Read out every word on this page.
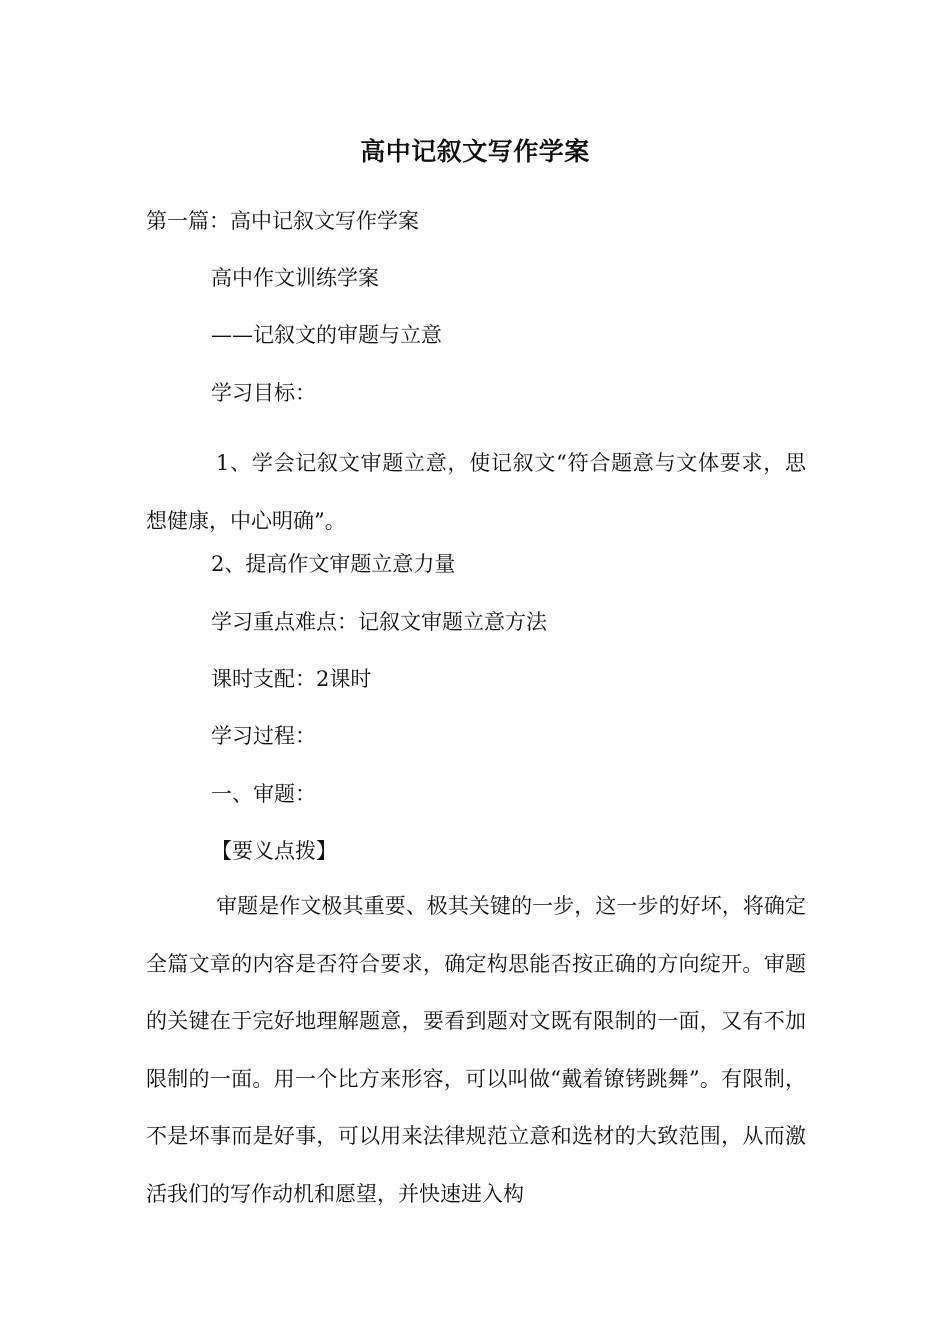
高中记叙文写作学案
第一篇：高中记叙文写作学案
高中作文训练学案
——记叙文的审题与立意
学习目标：
1、学会记叙文审题立意，使记叙文“符合题意与文体要求，思想健康，中心明确”。
2、提高作文审题立意力量
学习重点难点：记叙文审题立意方法
课时支配：2课时
学习过程：
一、审题：
【要义点拨】
审题是作文极其重要、极其关键的一步，这一步的好坏，将确定全篇文章的内容是否符合要求，确定构思能否按正确的方向绽开。审题的关键在于完好地理解题意，要看到题对文既有限制的一面，又有不加限制的一面。用一个比方来形容，可以叫做“戴着镣铐跳舞”。有限制，不是坏事而是好事，可以用来法律规范立意和选材的大致范围，从而激活我们的写作动机和愿望，并快速进入构
